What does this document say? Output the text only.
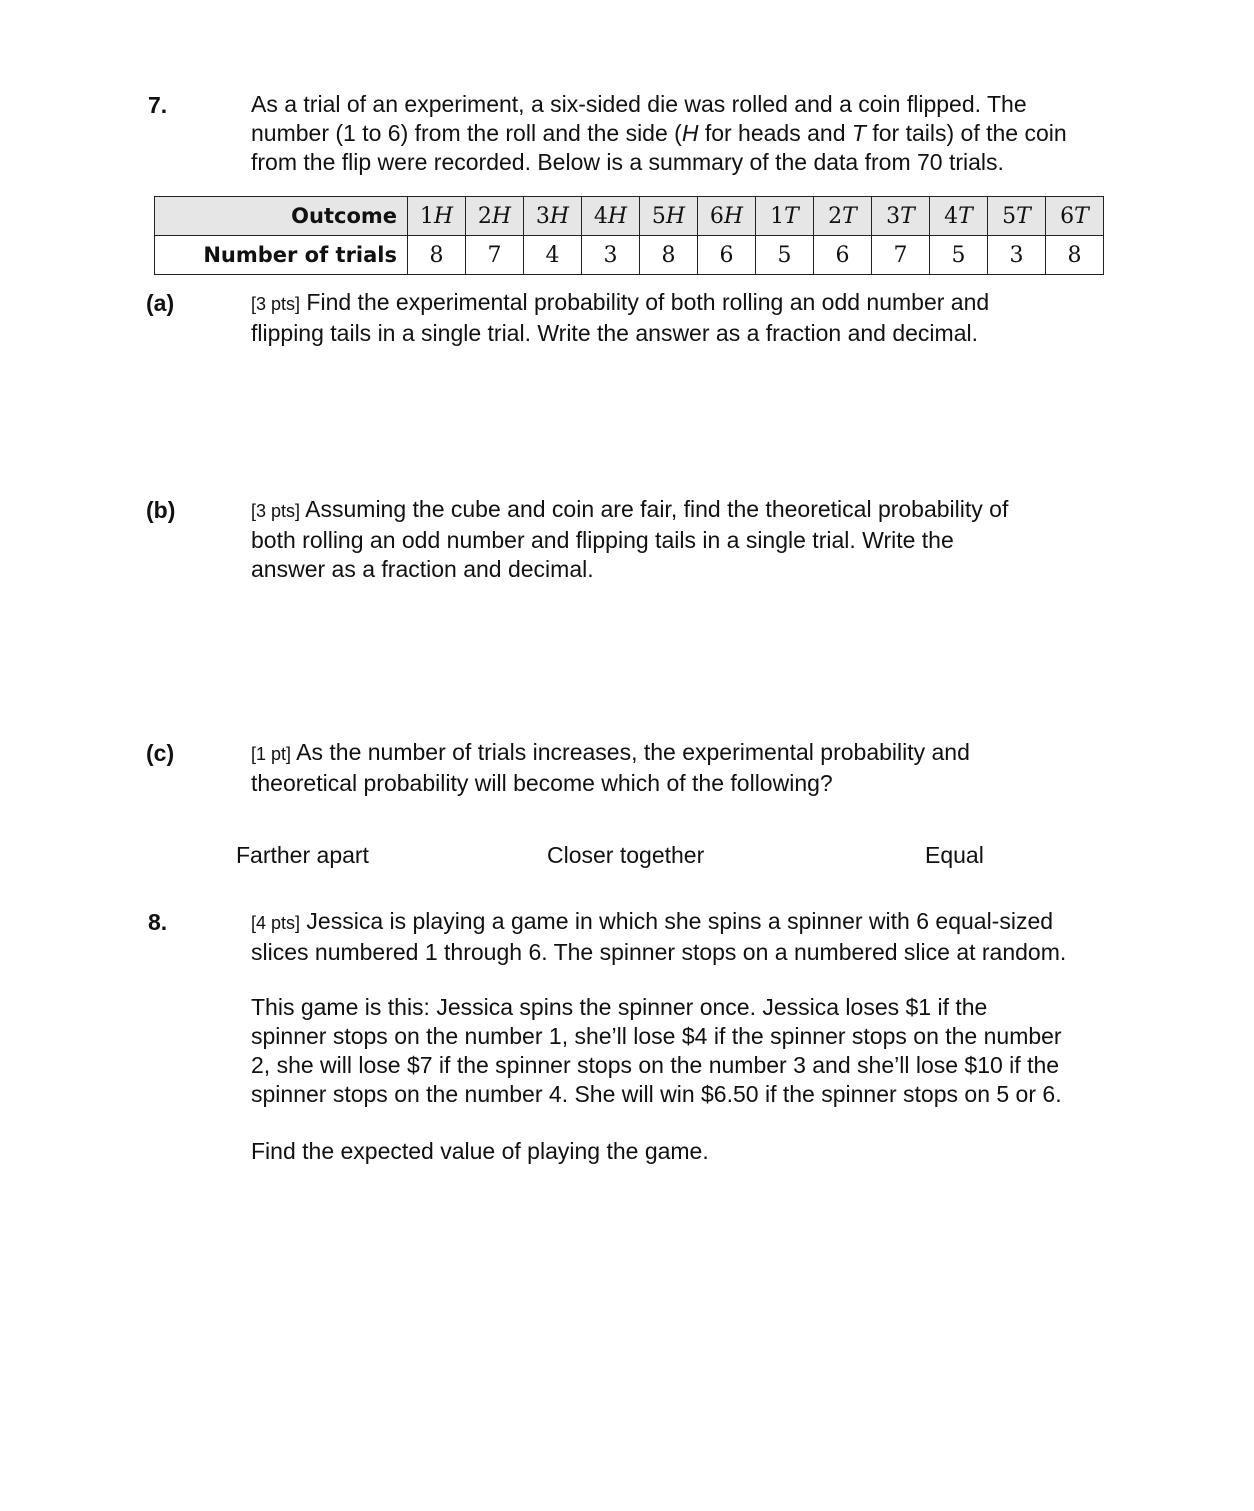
7.	As a trial of an experiment, a six-sided die was rolled and a coin flipped. The
number (1 to 6) from the roll and the side (H for heads and T for tails) of the coin
from the flip were recorded. Below is a summary of the data from 70 trials.
Outcome	1H	2H	3H	4H	5H	6H	1T	2T	3T	4T	5T	6T
Number of trials	8	7	4	3	8	6	5	6	7	5	3	8
(a)	[3 pts] Find the experimental probability of both rolling an odd number and
flipping tails in a single trial. Write the answer as a fraction and decimal.
(b)	[3 pts] Assuming the cube and coin are fair, find the theoretical probability of
both rolling an odd number and flipping tails in a single trial. Write the
answer as a fraction and decimal.
(c)	[1 pt] As the number of trials increases, the experimental probability and
theoretical probability will become which of the following?
Farther apart	Closer together	Equal
8.	[4 pts] Jessica is playing a game in which she spins a spinner with 6 equal-sized
slices numbered 1 through 6. The spinner stops on a numbered slice at random.
This game is this: Jessica spins the spinner once. Jessica loses $1 if the
spinner stops on the number 1, she’ll lose $4 if the spinner stops on the number
2, she will lose $7 if the spinner stops on the number 3 and she’ll lose $10 if the
spinner stops on the number 4. She will win $6.50 if the spinner stops on 5 or 6.
Find the expected value of playing the game.
